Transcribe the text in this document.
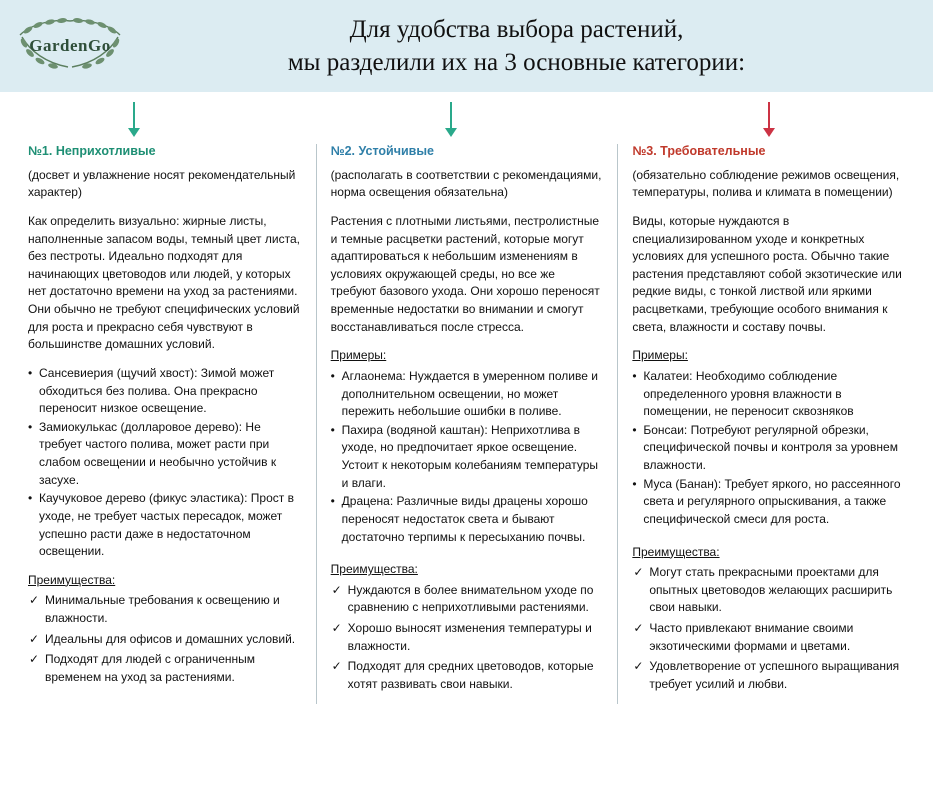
GardenGo
Для удобства выбора растений,
мы разделили их на 3 основные категории:
№1. Неприхотливые

(досвет и увлажнение носят рекомендательный характер)

Как определить визуально: жирные листы, наполненные запасом воды, темный цвет листа, без пестроты. Идеально подходят для начинающих цветоводов или людей, у которых нет достаточно времени на уход за растениями. Они обычно не требуют специфических условий для роста и прекрасно себя чувствуют в большинстве домашних условий.

• Сансевиерия (щучий хвост): Зимой может обходиться без полива. Она прекрасно переносит низкое освещение.
• Замиокулькас (долларовое дерево): Не требует частого полива, может расти при слабом освещении и необычно устойчив к засухе.
• Каучуковое дерево (фикус эластика): Прост в уходе, не требует частых пересадок, может успешно расти даже в недостаточном освещении.
Преимущества:
✓ Минимальные требования к освещению и влажности.
✓ Идеальны для офисов и домашних условий.
✓ Подходят для людей с ограниченным временем на уход за растениями.
№2. Устойчивые

(располагать в соответствии с рекомендациями, норма освещения обязательна)

Растения с плотными листьями, пестролистные и темные расцветки растений, которые могут адаптироваться к небольшим изменениям в условиях окружающей среды, но все же требуют базового ухода. Они хорошо переносят временные недостатки во внимании и смогут восстанавливаться после стресса.

Примеры:
• Аглаонема: Нуждается в умеренном поливе и дополнительном освещении, но может пережить небольшие ошибки в поливе.
• Пахира (водяной каштан): Неприхотлива в уходе, но предпочитает яркое освещение. Устоит к некоторым колебаниям температуры и влаги.
• Драцена: Различные виды драцены хорошо переносят недостаток света и бывают достаточно терпимы к пересыханию почвы.
Преимущества:
✓ Нуждаются в более внимательном уходе по сравнению с неприхотливыми растениями.
✓ Хорошо выносят изменения температуры и влажности.
✓ Подходят для средних цветоводов, которые хотят развивать свои навыки.
№3. Требовательные

(обязательно соблюдение режимов освещения, температуры, полива и климата в помещении)

Виды, которые нуждаются в специализированном уходе и конкретных условиях для успешного роста. Обычно такие растения представляют собой экзотические или редкие виды, с тонкой листвой или яркими расцветками, требующие особого внимания к света, влажности и составу почвы.

Примеры:
• Калатеи: Необходимо соблюдение определенного уровня влажности в помещении, не переносит сквозняков
• Бонсаи: Потребуют регулярной обрезки, специфической почвы и контроля за уровнем влажности.
• Муса (Банан): Требует яркого, но рассеянного света и регулярного опрыскивания, а также специфической смеси для роста.
Преимущества:
✓ Могут стать прекрасными проектами для опытных цветоводов желающих расширить свои навыки.
✓ Часто привлекают внимание своими экзотическими формами и цветами.
✓ Удовлетворение от успешного выращивания требует усилий и любви.
